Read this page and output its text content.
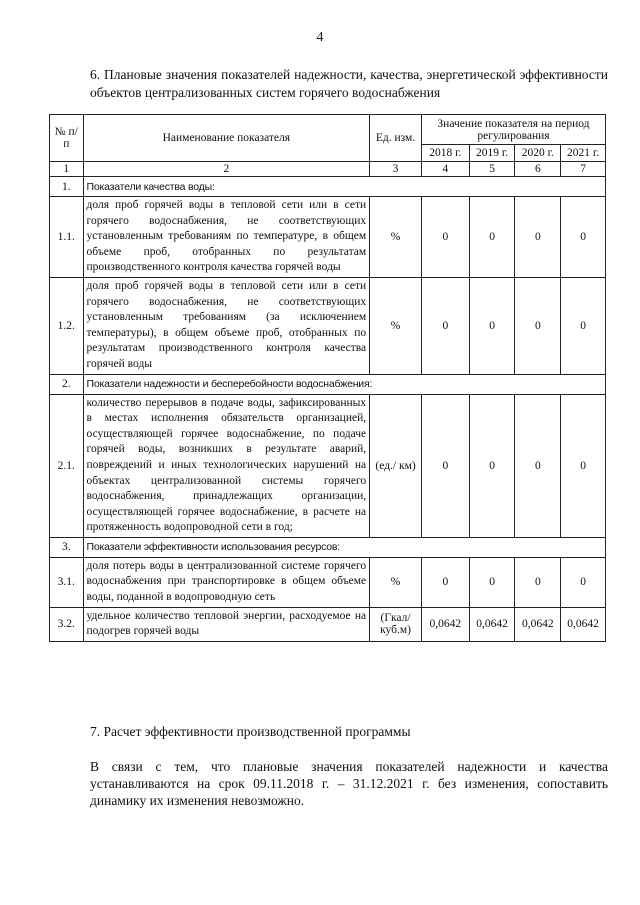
4
6. Плановые значения показателей надежности, качества, энергетической эффективности объектов централизованных систем горячего водоснабжения
№ п/п	Наименование показателя	Ед. изм.	Значение показателя на период регулирования			
			2018 г.	2019 г.	2020 г.	2021 г.
1	2	3	4	5	6	7
1.	Показатели качества воды:					
1.1.	доля проб горячей воды в тепловой сети или в сети горячего водоснабжения, не соответствующих установленным требованиям по температуре, в общем объеме проб, отобранных по результатам производственного контроля качества горячей воды	%	0	0	0	0
1.2.	доля проб горячей воды в тепловой сети или в сети горячего водоснабжения, не соответствующих установленным требованиям (за исключением температуры), в общем объеме проб, отобранных по результатам производственного контроля качества горячей воды	%	0	0	0	0
2.	Показатели надежности и бесперебойности водоснабжения:					
2.1.	количество перерывов в подаче воды, зафиксированных в местах исполнения обязательств организацией, осуществляющей горячее водоснабжение, по подаче горячей воды, возникших в результате аварий, повреждений и иных технологических нарушений на объектах централизованной системы горячего водоснабжения, принадлежащих организации, осуществляющей горячее водоснабжение, в расчете на протяженность водопроводной сети в год;	(ед./ км)	0	0	0	0
3.	Показатели эффективности использования ресурсов:					
3.1.	доля потерь воды в централизованной системе горячего водоснабжения при транспортировке в общем объеме воды, поданной в водопроводную сеть	%	0	0	0	0
3.2.	удельное количество тепловой энергии, расходуемое на подогрев горячей воды	(Гкал/ куб.м)	0,0642	0,0642	0,0642	0,0642
7. Расчет эффективности производственной программы
В связи с тем, что плановые значения показателей надежности и качества устанавливаются на срок 09.11.2018 г. – 31.12.2021 г. без изменения, сопоставить динамику их изменения невозможно.
